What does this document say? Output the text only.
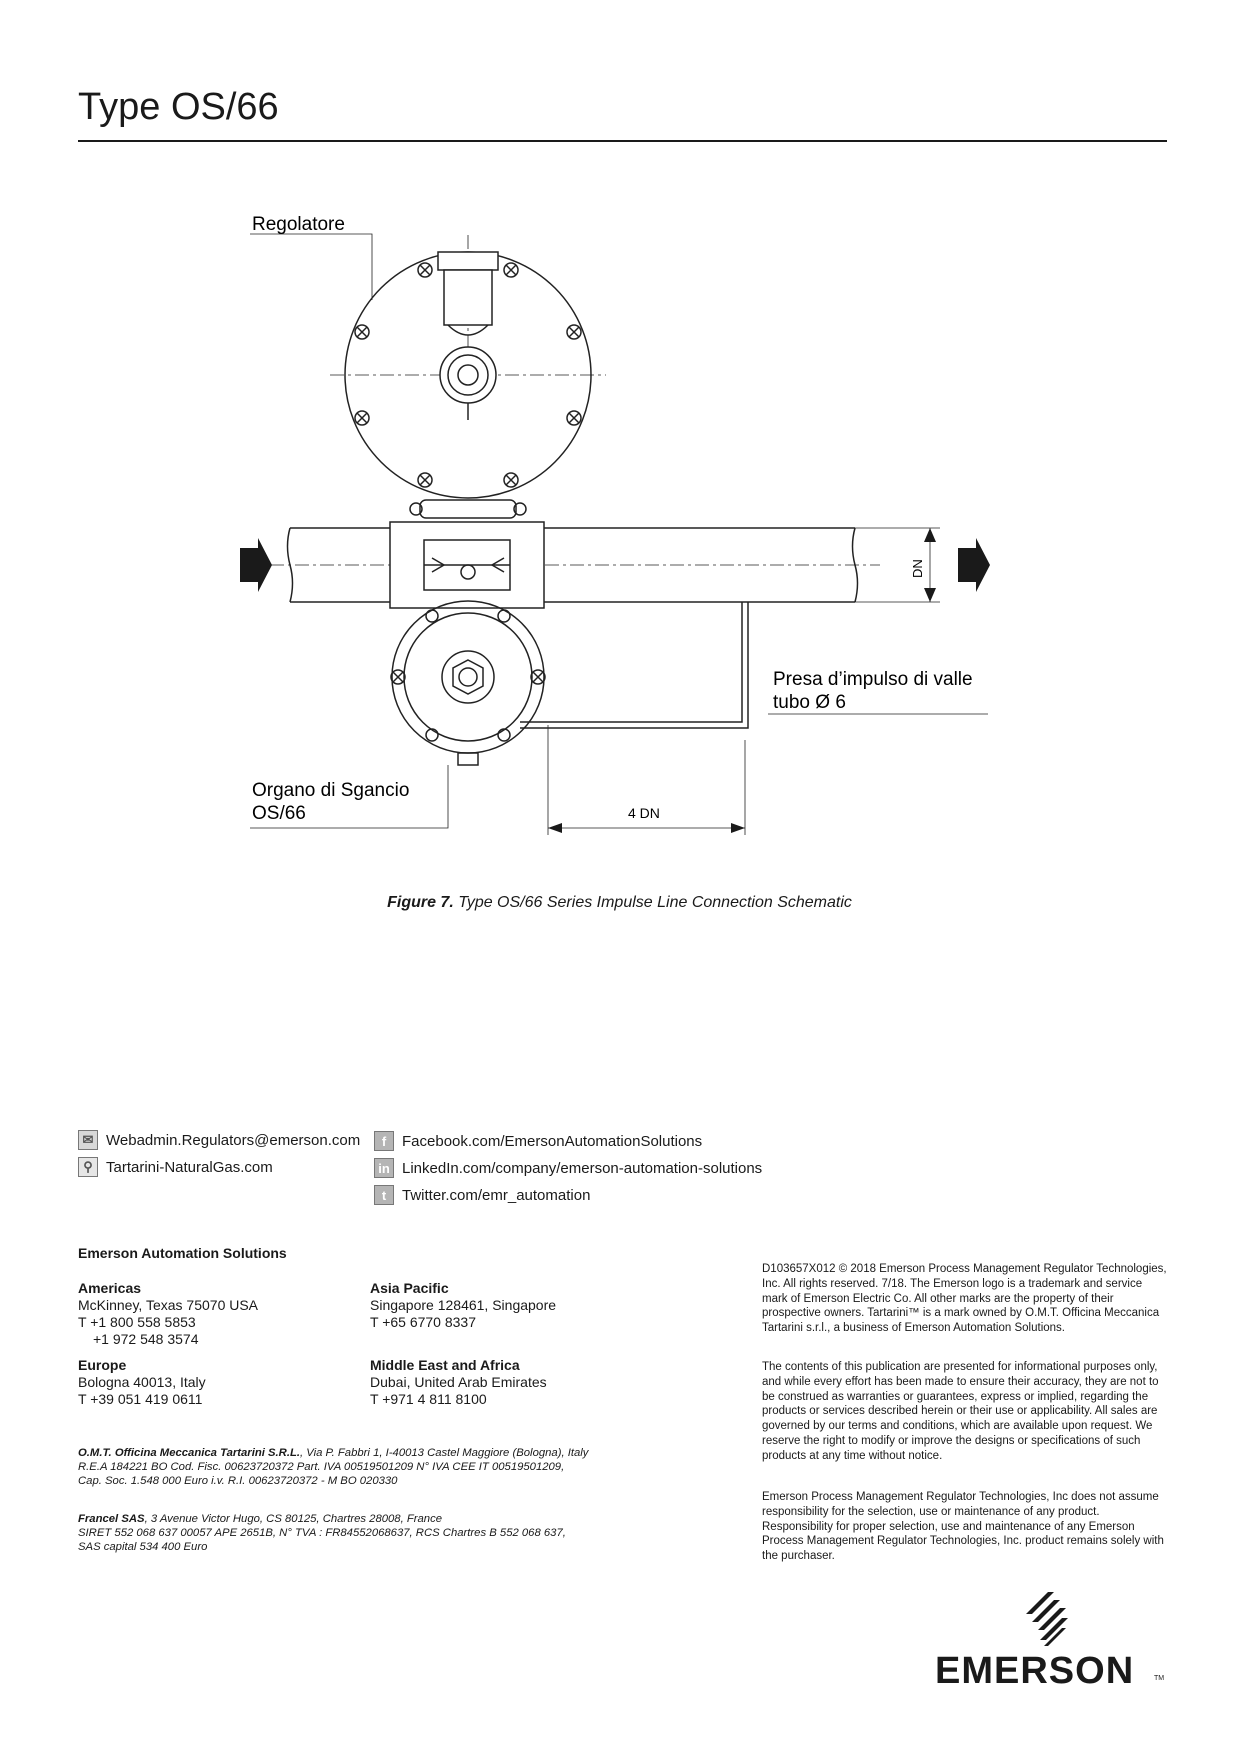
Type OS/66
Regolatore
DN
Presa d’impulso di valle
tubo Ø 6
Organo di Sgancio
OS/66	4 DN
Figure 7. Type OS/66 Series Impulse Line Connection Schematic
✉ Webadmin.Regulators@emerson.com
⚲ Tartarini-NaturalGas.com
f	Facebook.com/EmersonAutomationSolutions
in LinkedIn.com/company/emerson-automation-solutions
t	Twitter.com/emr_automation
Emerson Automation Solutions
Americas
McKinney, Texas 75070 USA
T +1 800 558 5853
+1 972 548 3574
Asia Pacific
Singapore 128461, Singapore
T +65 6770 8337
Europe
Bologna 40013, Italy
T +39 051 419 0611
Middle East and Africa
Dubai, United Arab Emirates
T +971 4 811 8100
O.M.T. Officina Meccanica Tartarini S.R.L., Via P. Fabbri 1, I-40013 Castel Maggiore (Bologna), Italy
R.E.A 184221 BO Cod. Fisc. 00623720372 Part. IVA 00519501209 N° IVA CEE IT 00519501209,
Cap. Soc. 1.548 000 Euro i.v. R.I. 00623720372 - M BO 020330
Francel SAS, 3 Avenue Victor Hugo, CS 80125, Chartres 28008, France
SIRET 552 068 637 00057 APE 2651B, N° TVA : FR84552068637, RCS Chartres B 552 068 637,
SAS capital 534 400 Euro
D103657X012 © 2018 Emerson Process Management Regulator Technologies, Inc. All rights reserved. 7/18. The Emerson logo is a trademark and service mark of Emerson Electric Co. All other marks are the property of their prospective owners. Tartarini™ is a mark owned by O.M.T. Officina Meccanica Tartarini s.r.l., a business of Emerson Automation Solutions.
The contents of this publication are presented for informational purposes only, and while every effort has been made to ensure their accuracy, they are not to be construed as warranties or guarantees, express or implied, regarding the products or services described herein or their use or applicability. All sales are governed by our terms and conditions, which are available upon request. We reserve the right to modify or improve the designs or specifications of such products at any time without notice.
Emerson Process Management Regulator Technologies, Inc does not assume responsibility for the selection, use or maintenance of any product. Responsibility for proper selection, use and maintenance of any Emerson Process Management Regulator Technologies, Inc. product remains solely with the purchaser.
EMERSON	TM
